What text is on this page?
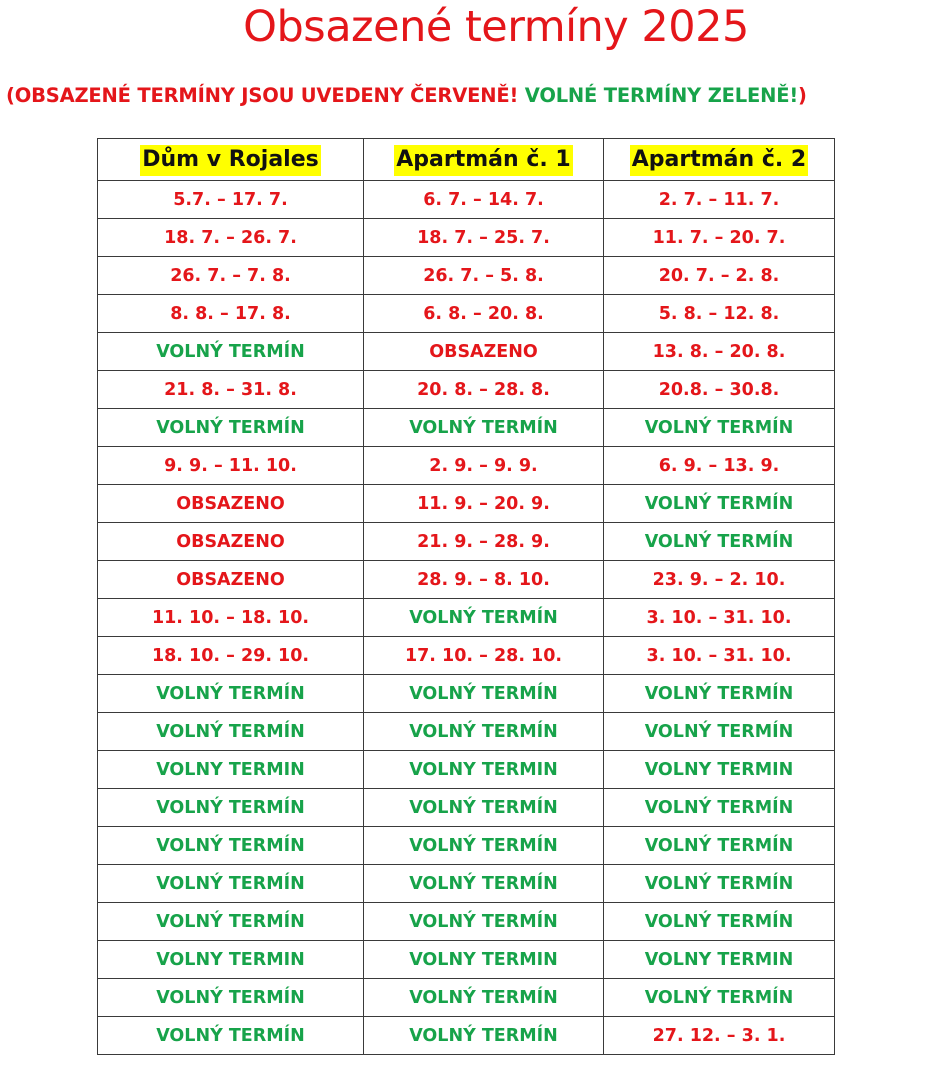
Obsazené termíny 2025
(OBSAZENÉ TERMÍNY JSOU UVEDENY ČERVENĚ! VOLNÉ TERMÍNY ZELENĚ!)
Dům v Rojales	Apartmán č. 1	Apartmán č. 2
5.7. – 17. 7.	6. 7. – 14. 7.	2. 7. – 11. 7.
18. 7. – 26. 7.	18. 7. – 25. 7.	11. 7. – 20. 7.
26. 7. – 7. 8.	26. 7. – 5. 8.	20. 7. – 2. 8.
8. 8. – 17. 8.	6. 8. – 20. 8.	5. 8. – 12. 8.
VOLNÝ TERMÍN	OBSAZENO	13. 8. – 20. 8.
21. 8. – 31. 8.	20. 8. – 28. 8.	20.8. – 30.8.
VOLNÝ TERMÍN	VOLNÝ TERMÍN	VOLNÝ TERMÍN
9. 9. – 11. 10.	2. 9. – 9. 9.	6. 9. – 13. 9.
OBSAZENO	11. 9. – 20. 9.	VOLNÝ TERMÍN
OBSAZENO	21. 9. – 28. 9.	VOLNÝ TERMÍN
OBSAZENO	28. 9. – 8. 10.	23. 9. – 2. 10.
11. 10. – 18. 10.	VOLNÝ TERMÍN	3. 10. – 31. 10.
18. 10. – 29. 10.	17. 10. – 28. 10.	3. 10. – 31. 10.
VOLNÝ TERMÍN	VOLNÝ TERMÍN	VOLNÝ TERMÍN
VOLNÝ TERMÍN	VOLNÝ TERMÍN	VOLNÝ TERMÍN
VOLNY TERMIN	VOLNY TERMIN	VOLNY TERMIN
VOLNÝ TERMÍN	VOLNÝ TERMÍN	VOLNÝ TERMÍN
VOLNÝ TERMÍN	VOLNÝ TERMÍN	VOLNÝ TERMÍN
VOLNÝ TERMÍN	VOLNÝ TERMÍN	VOLNÝ TERMÍN
VOLNÝ TERMÍN	VOLNÝ TERMÍN	VOLNÝ TERMÍN
VOLNY TERMIN	VOLNY TERMIN	VOLNY TERMIN
VOLNÝ TERMÍN	VOLNÝ TERMÍN	VOLNÝ TERMÍN
VOLNÝ TERMÍN	VOLNÝ TERMÍN	27. 12. – 3. 1.
